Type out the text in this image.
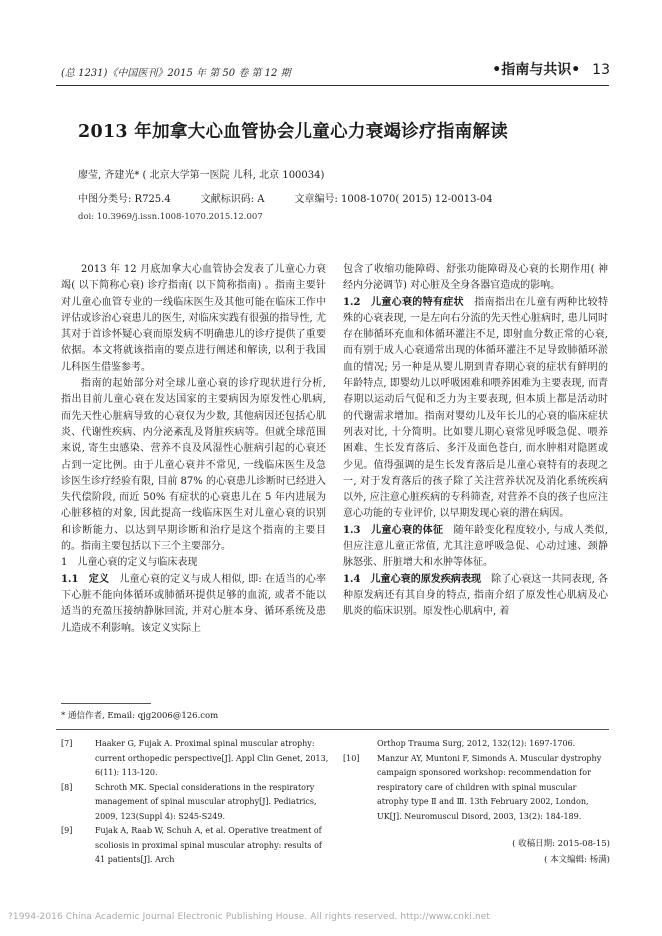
(总 1231)《中国医刊》2015 年 第 50 卷 第 12 期	•指南与共识• 13
2013 年加拿大心血管协会儿童心力衰竭诊疗指南解读
廖莹, 齐建光* ( 北京大学第一医院 儿科, 北京 100034)
中图分类号: R725.4	文献标识码: A	文章编号: 1008-1070( 2015) 12-0013-04
doi: 10.3969/j.issn.1008-1070.2015.12.007

2013 年 12 月底加拿大心血管协会发表了儿童心力衰竭( 以下简称心衰) 诊疗指南( 以下简称指南) 。指南主要针对儿童心血管专业的一线临床医生及其他可能在临床工作中评估或诊治心衰患儿的医生, 对临床实践有很强的指导性, 尤其对于首诊怀疑心衰而原发病不明确患儿的诊疗提供了重要依据。本文将就该指南的要点进行阐述和解读, 以利于我国儿科医生借鉴参考。

指南的起始部分对全球儿童心衰的诊疗现状进行分析, 指出目前儿童心衰在发达国家的主要病因为原发性心肌病, 而先天性心脏病导致的心衰仅为少数, 其他病因还包括心肌炎、代谢性疾病、内分泌紊乱及肾脏疾病等。但就全球范围来说, 寄生虫感染、营养不良及风湿性心脏病引起的心衰还占到一定比例。由于儿童心衰并不常见, 一线临床医生及急诊医生诊疗经验有限, 目前 87% 的心衰患儿诊断时已经进入失代偿阶段, 而近 50% 有症状的心衰患儿在 5 年内进展为心脏移植的对象, 因此提高一线临床医生对儿童心衰的识别和诊断能力、以达到早期诊断和治疗是这个指南的主要目的。指南主要包括以下三个主要部分。

1　儿童心衰的定义与临床表现

1.1　定义　儿童心衰的定义与成人相似, 即: 在适当的心率下心脏不能向体循环或肺循环提供足够的血流, 或者不能以适当的充盈压接纳静脉回流, 并对心脏本身、循环系统及患儿造成不利影响。该定义实际上

包含了收缩功能障碍、舒张功能障碍及心衰的长期作用( 神经内分泌调节) 对心脏及全身各器官造成的影响。

1.2　儿童心衰的特有症状　指南指出在儿童有两种比较特殊的心衰表现, 一是左向右分流的先天性心脏病时, 患儿同时存在肺循环充血和体循环灌注不足, 即射血分数正常的心衰, 而有别于成人心衰通常出现的体循环灌注不足导致肺循环淤血的情况; 另一种是从婴儿期到青春期心衰的症状有鲜明的年龄特点, 即婴幼儿以呼吸困难和喂养困难为主要表现, 而青春期以运动后气促和乏力为主要表现, 但本质上都是活动时的代谢需求增加。指南对婴幼儿及年长儿的心衰的临床症状列表对比, 十分简明。比如婴儿期心衰常见呼吸急促、喂养困难、生长发育落后、多汗及面色苍白, 而水肿相对隐匿或少见。值得强调的是生长发育落后是儿童心衰特有的表现之一, 对于发育落后的孩子除了关注营养状况及消化系统疾病以外, 应注意心脏疾病的专科筛查, 对营养不良的孩子也应注意心功能的专业评价, 以早期发现心衰的潜在病因。

1.3　儿童心衰的体征　随年龄变化程度较小, 与成人类似, 但应注意儿童正常值, 尤其注意呼吸急促、心动过速、颈静脉怒张、肝脏增大和水肿等体征。

1.4　儿童心衰的原发疾病表现　除了心衰这一共同表现, 各种原发病还有其自身的特点, 指南介绍了原发性心肌病及心肌炎的临床识别。原发性心肌病中, 着

* 通信作者, Email: qjg2006@126.com
[7]	Haaker G, Fujak A. Proximal spinal muscular atrophy: current orthopedic perspective[J]. Appl Clin Genet, 2013, 6(11): 113-120.
[8]	Schroth MK. Special considerations in the respiratory management of spinal muscular atrophy[J]. Pediatrics, 2009, 123(Suppl 4): S245-S249.
[9]	Fujak A, Raab W, Schuh A, et al. Operative treatment of scoliosis in proximal spinal muscular atrophy: results of 41 patients[J]. Arch
Orthop Trauma Surg, 2012, 132(12): 1697-1706.
[10] Manzur AY, Muntoni F, Simonds A. Muscular dystrophy campaign sponsored workshop: recommendation for respiratory care of children with spinal muscular atrophy type Ⅱ and Ⅲ. 13th February 2002, London, UK[J]. Neuromuscul Disord, 2003, 13(2): 184-189.
( 收稿日期: 2015-08-15)
( 本文编辑: 杨满)
?1994-2016 China Academic Journal Electronic Publishing House. All rights reserved. http://www.cnki.net
